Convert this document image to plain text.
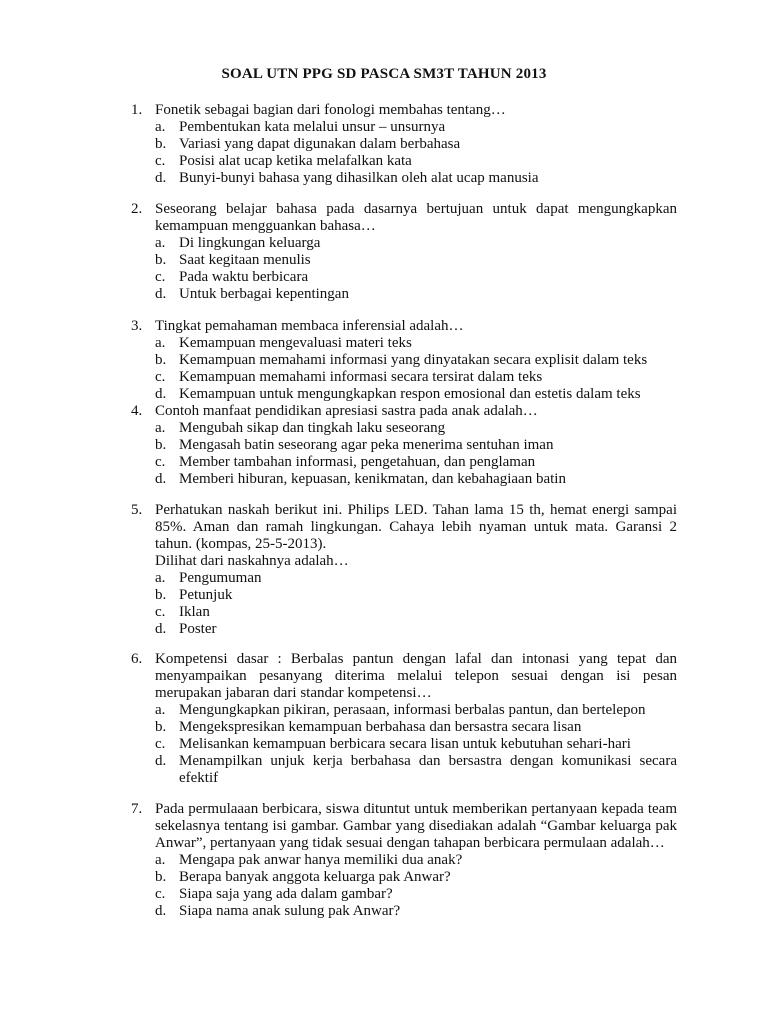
SOAL UTN PPG SD PASCA SM3T TAHUN 2013
1. Fonetik sebagai bagian dari fonologi membahas tentang…
a. Pembentukan kata melalui unsur – unsurnya
b. Variasi yang dapat digunakan dalam berbahasa
c. Posisi alat ucap ketika melafalkan kata
d. Bunyi-bunyi bahasa yang dihasilkan oleh alat ucap manusia
2. Seseorang belajar bahasa pada dasarnya bertujuan untuk dapat mengungkapkan kemampuan mengguankan bahasa…
a. Di lingkungan keluarga
b. Saat kegitaan menulis
c. Pada waktu berbicara
d. Untuk berbagai kepentingan
3. Tingkat pemahaman membaca inferensial adalah…
a. Kemampuan mengevaluasi materi teks
b. Kemampuan memahami informasi yang dinyatakan secara explisit dalam teks
c. Kemampuan memahami informasi secara tersirat dalam teks
d. Kemampuan untuk mengungkapkan respon emosional dan estetis dalam teks
4. Contoh manfaat pendidikan apresiasi sastra pada anak adalah…
a. Mengubah sikap dan tingkah laku seseorang
b. Mengasah batin seseorang agar peka menerima sentuhan iman
c. Member tambahan informasi, pengetahuan, dan penglaman
d. Memberi hiburan, kepuasan, kenikmatan, dan kebahagiaan batin
5. Perhatukan naskah berikut ini. Philips LED. Tahan lama 15 th, hemat energi sampai 85%. Aman dan ramah lingkungan. Cahaya lebih nyaman untuk mata. Garansi 2 tahun. (kompas, 25-5-2013).
Dilihat dari naskahnya adalah…
a. Pengumuman
b. Petunjuk
c. Iklan
d. Poster
6. Kompetensi dasar : Berbalas pantun dengan lafal dan intonasi yang tepat dan menyampaikan pesanyang diterima melalui telepon sesuai dengan isi pesan merupakan jabaran dari standar kompetensi…
a. Mengungkapkan pikiran, perasaan, informasi berbalas pantun, dan bertelepon
b. Mengekspresikan kemampuan berbahasa dan bersastra secara lisan
c. Melisankan kemampuan berbicara secara lisan untuk kebutuhan sehari-hari
d. Menampilkan unjuk kerja berbahasa dan bersastra dengan komunikasi secara efektif
7. Pada permulaaan berbicara, siswa dituntut untuk memberikan pertanyaan kepada team sekelasnya tentang isi gambar. Gambar yang disediakan adalah “Gambar keluarga pak Anwar”, pertanyaan yang tidak sesuai dengan tahapan berbicara permulaan adalah…
a. Mengapa pak anwar hanya memiliki dua anak?
b. Berapa banyak anggota keluarga pak Anwar?
c. Siapa saja yang ada dalam gambar?
d. Siapa nama anak sulung pak Anwar?
